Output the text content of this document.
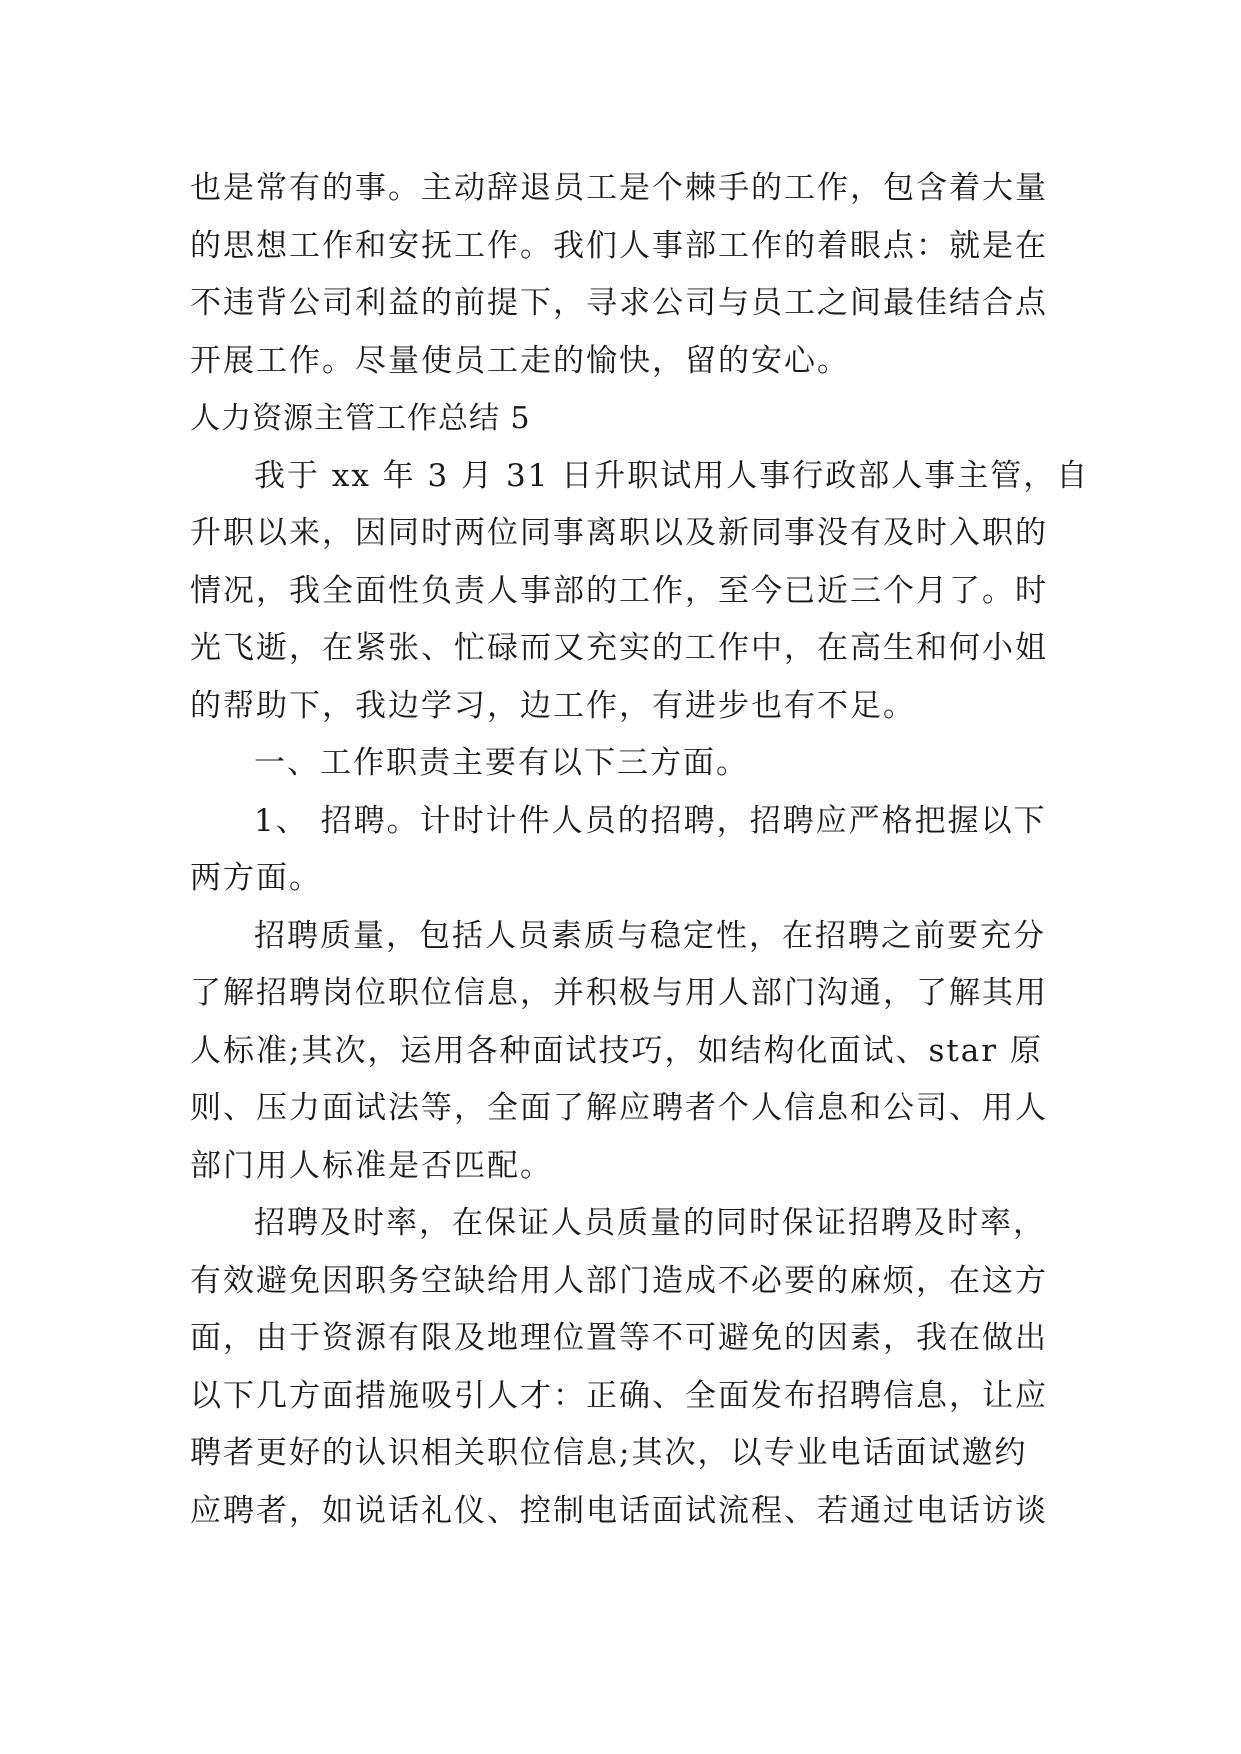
也是常有的事。主动辞退员工是个棘手的工作，包含着大量
的思想工作和安抚工作。我们人事部工作的着眼点：就是在
不违背公司利益的前提下，寻求公司与员工之间最佳结合点
开展工作。尽量使员工走的愉快，留的安心。
人力资源主管工作总结 5
我于 xx 年 3 月 31 日升职试用人事行政部人事主管，自
升职以来，因同时两位同事离职以及新同事没有及时入职的
情况，我全面性负责人事部的工作，至今已近三个月了。时
光飞逝，在紧张、忙碌而又充实的工作中，在高生和何小姐
的帮助下，我边学习，边工作，有进步也有不足。
一、工作职责主要有以下三方面。
1、 招聘。计时计件人员的招聘，招聘应严格把握以下
两方面。
招聘质量，包括人员素质与稳定性，在招聘之前要充分
了解招聘岗位职位信息，并积极与用人部门沟通，了解其用
人标准;其次，运用各种面试技巧，如结构化面试、star 原
则、压力面试法等，全面了解应聘者个人信息和公司、用人
部门用人标准是否匹配。
招聘及时率，在保证人员质量的同时保证招聘及时率，
有效避免因职务空缺给用人部门造成不必要的麻烦，在这方
面，由于资源有限及地理位置等不可避免的因素，我在做出
以下几方面措施吸引人才：正确、全面发布招聘信息，让应
聘者更好的认识相关职位信息;其次，以专业电话面试邀约
应聘者，如说话礼仪、控制电话面试流程、若通过电话访谈
